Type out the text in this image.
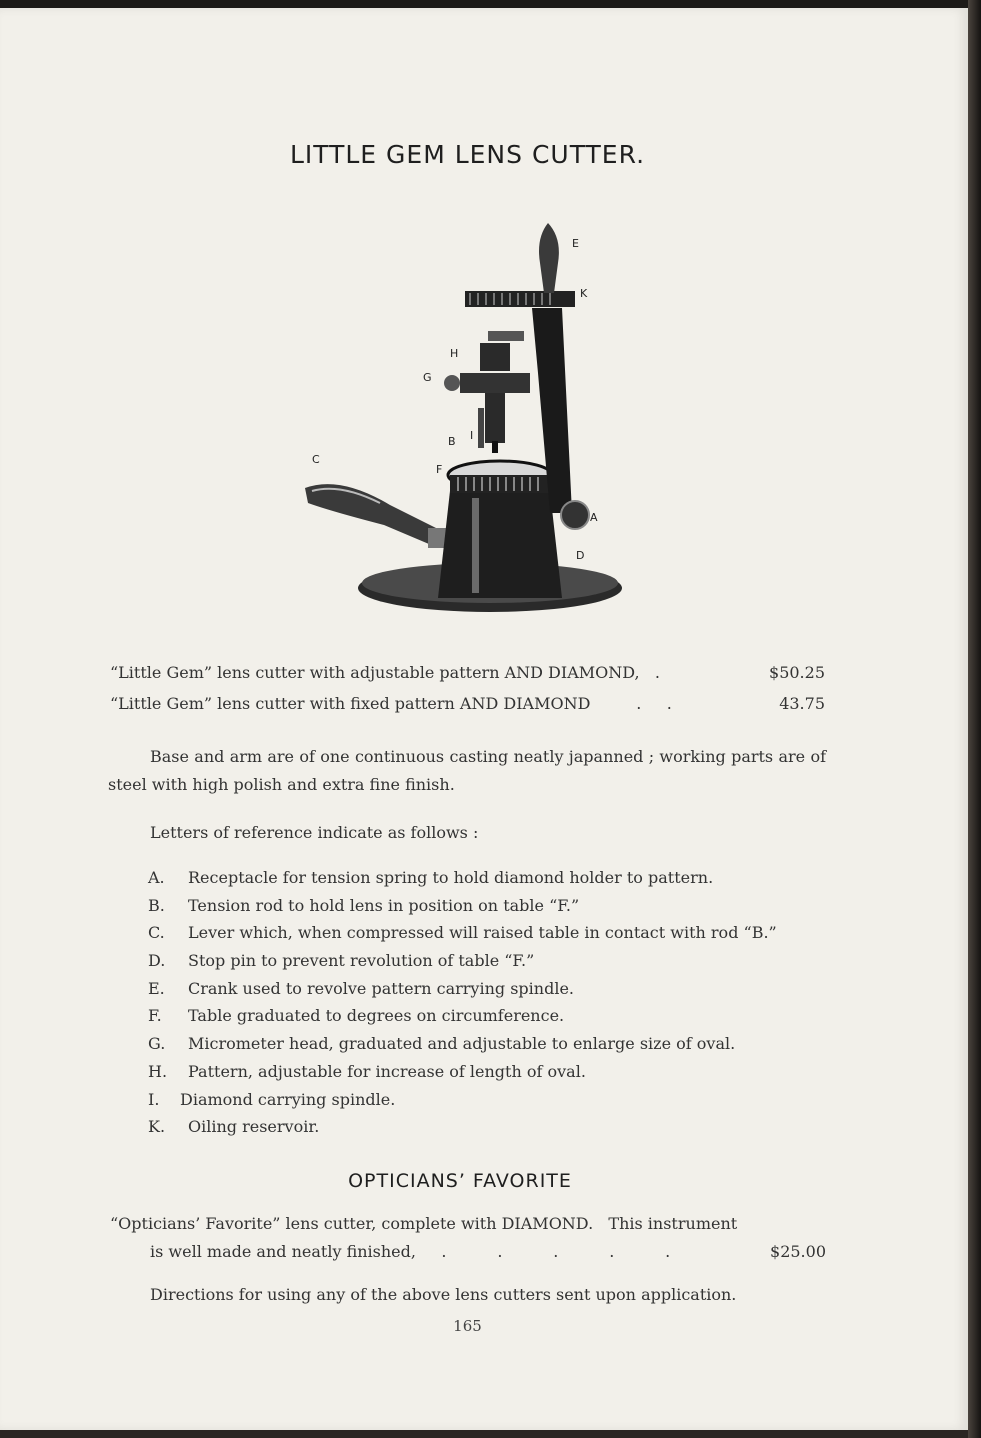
LITTLE GEM LENS CUTTER.
E
K
H
G
B I
C
F
A
D
“Little Gem” lens cutter with adjustable pattern AND DIAMOND,   .	$50.25
“Little Gem” lens cutter with fixed pattern AND DIAMOND         .     .	43.75
Base and arm are of one continuous casting neatly japanned ; working parts are of steel with high polish and extra fine finish.
Letters of reference indicate as follows :
A. Receptacle for tension spring to hold diamond holder to pattern.
B. Tension rod to hold lens in position on table “F.”
C. Lever which, when compressed will raised table in contact with rod “B.”
D. Stop pin to prevent revolution of table “F.”
E. Crank used to revolve pattern carrying spindle.
F. Table graduated to degrees on circumference.
G. Micrometer head, graduated and adjustable to enlarge size of oval.
H. Pattern, adjustable for increase of length of oval.
I. Diamond carrying spindle.
K. Oiling reservoir.
OPTICIANS’ FAVORITE
“Opticians’ Favorite” lens cutter, complete with DIAMOND.   This instrument
is well made and neatly finished,     .          .          .          .          .	$25.00
Directions for using any of the above lens cutters sent upon application.
165
